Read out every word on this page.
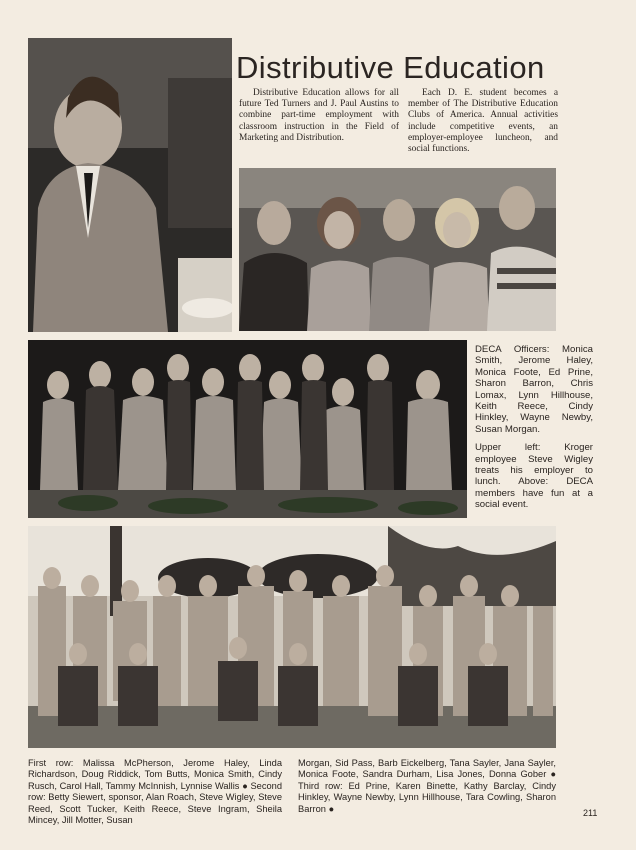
Distributive Education

Distributive Education allows for all future Ted Turners and J. Paul Austins to combine part-time employment with classroom instruction in the Field of Marketing and Distribution.

Each D. E. student becomes a member of The Distributive Education Clubs of America. Annual activities include competitive events, an employer-employee luncheon, and social functions.

DECA Officers: Monica Smith, Jerome Haley, Monica Foote, Ed Prine, Sharon Barron, Chris Lomax, Lynn Hillhouse, Keith Reece, Cindy Hinkley, Wayne Newby, Susan Morgan.

Upper left: Kroger employee Steve Wigley treats his employer to lunch. Above: DECA members have fun at a social event.

First row: Malissa McPherson, Jerome Haley, Linda Richardson, Doug Riddick, Tom Butts, Monica Smith, Cindy Rusch, Carol Hall, Tammy McInnish, Lynnise Wallis ● Second row: Betty Siewert, sponsor, Alan Roach, Steve Wigley, Steve Reed, Scott Tucker, Keith Reece, Steve Ingram, Sheila Mincey, Jill Motter, Susan
Morgan, Sid Pass, Barb Eickelberg, Tana Sayler, Jana Sayler, Monica Foote, Sandra Durham, Lisa Jones, Donna Gober ● Third row: Ed Prine, Karen Binette, Kathy Barclay, Cindy Hinkley, Wayne Newby, Lynn Hillhouse, Tara Cowling, Sharon Barron ●	211
